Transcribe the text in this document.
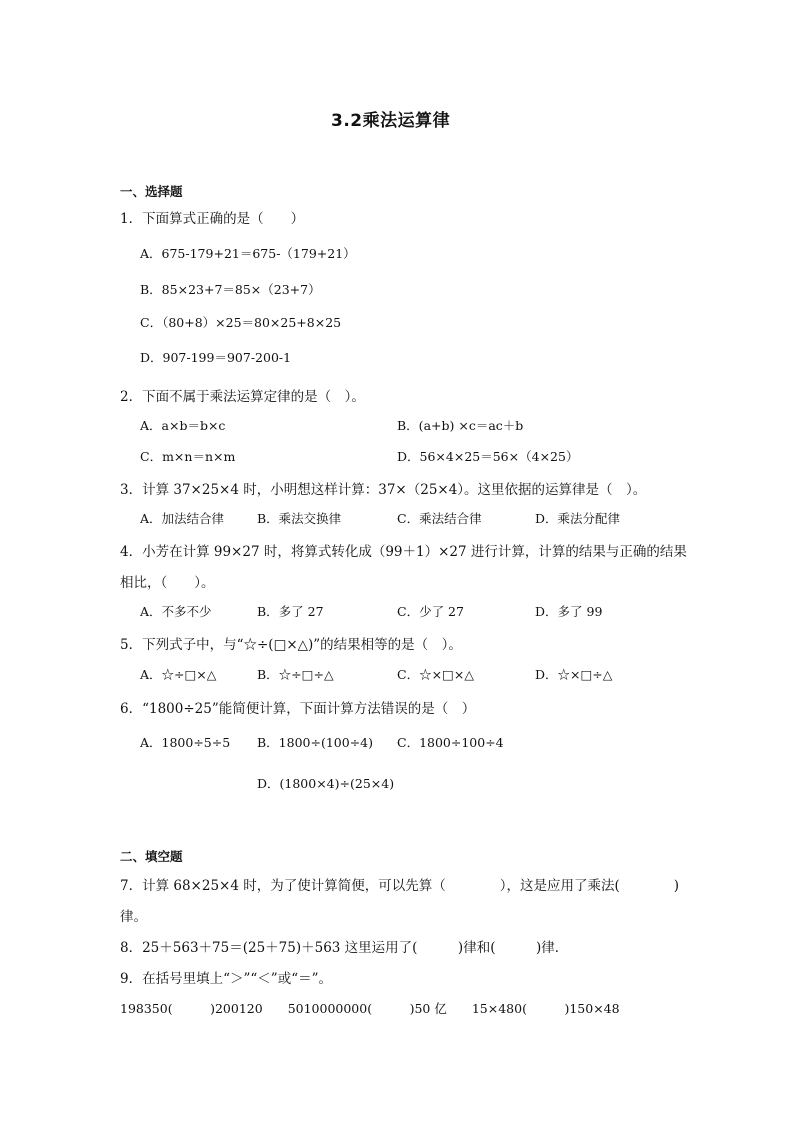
3.2乘法运算律
一、选择题
1．下面算式正确的是（　　）
A．675-179+21＝675-（179+21）
B．85×23+7＝85×（23+7）
C．（80+8）×25＝80×25+8×25
D．907-199＝907-200-1
2．下面不属于乘法运算定律的是（　）。
A．a×b＝b×c	B．(a+b) ×c＝ac＋b
C．m×n＝n×m	D．56×4×25＝56×（4×25）
3．计算 37×25×4 时，小明想这样计算：37×（25×4）。这里依据的运算律是（　）。
A．加法结合律	B．乘法交换律	C．乘法结合律	D．乘法分配律
4．小芳在计算 99×27 时，将算式转化成（99＋1）×27 进行计算，计算的结果与正确的结果
相比，（　　）。
A．不多不少	B．多了 27	C．少了 27	D．多了 99
5．下列式子中，与“☆÷(□×△)”的结果相等的是（　）。
A．☆÷□×△	B．☆÷□÷△	C．☆×□×△	D．☆×□÷△
6．“1800÷25”能简便计算，下面计算方法错误的是（　）
A．1800÷5÷5 B．1800÷(100÷4) C．1800÷100÷4
D．(1800×4)÷(25×4)
二、填空题
7．计算 68×25×4 时，为了使计算简便，可以先算（　　　　），这是应用了乘法(　　　　)
律。
8．25＋563＋75＝(25＋75)＋563 这里运用了(　　　)律和(　　　)律．
9．在括号里填上“＞”“＜”或“＝”。
198350(　　　)200120　　5010000000(　　　)50 亿　　15×480(　　　)150×48
